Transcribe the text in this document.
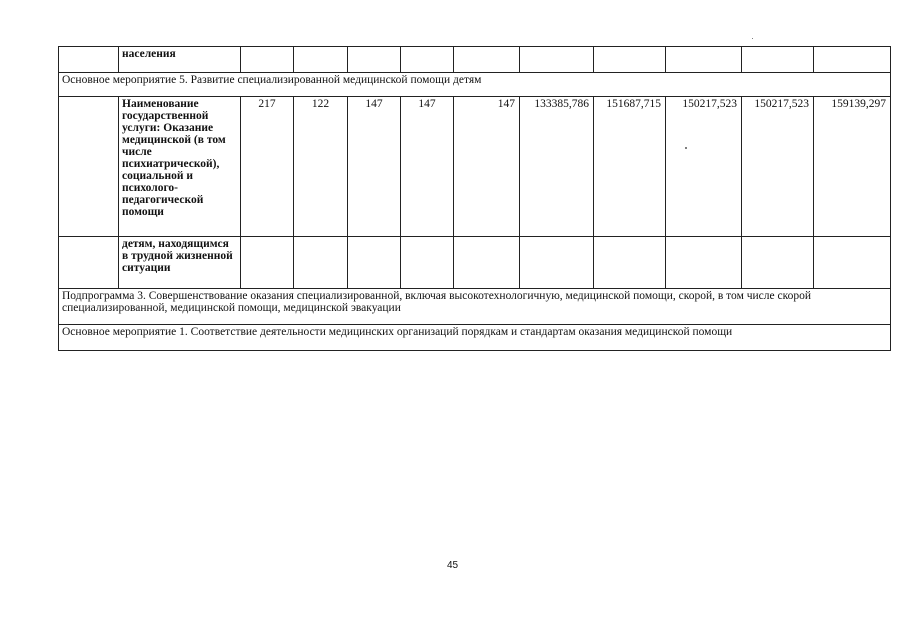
	населения										
Основное мероприятие 5. Развитие специализированной медицинской помощи детям											
	Наименование государственной услуги: Оказание медицинской (в том числе психиатрической), социальной и психолого-педагогической помощи	217	122	147	147	147	133385,786	151687,715	150217,523	150217,523	159139,297
	детям, находящимся в трудной жизненной ситуации										
Подпрограмма 3. Совершенствование оказания специализированной, включая высокотехнологичную, медицинской помощи, скорой, в том числе скорой специализированной, медицинской помощи, медицинской эвакуации											
Основное мероприятие 1. Соответствие деятельности медицинских организаций порядкам и стандартам оказания медицинской помощи											
45
